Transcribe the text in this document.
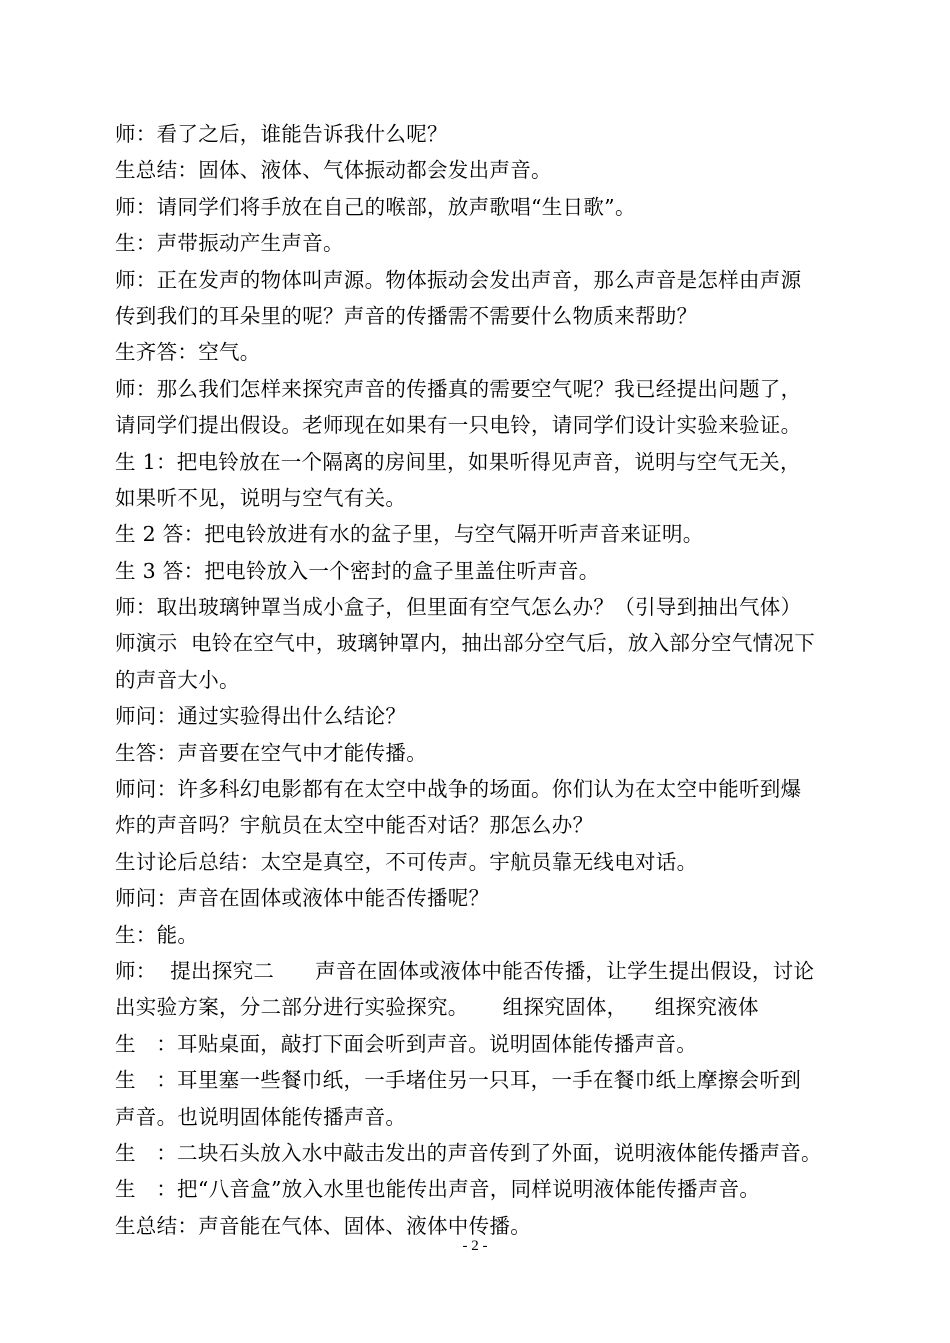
师：看了之后，谁能告诉我什么呢？
生总结：固体、液体、气体振动都会发出声音。
师：请同学们将手放在自己的喉部，放声歌唱“生日歌”。
生：声带振动产生声音。
师：正在发声的物体叫声源。物体振动会发出声音，那么声音是怎样由声源
传到我们的耳朵里的呢？声音的传播需不需要什么物质来帮助？
生齐答：空气。
师：那么我们怎样来探究声音的传播真的需要空气呢？我已经提出问题了，
请同学们提出假设。老师现在如果有一只电铃，请同学们设计实验来验证。
生 1：把电铃放在一个隔离的房间里，如果听得见声音，说明与空气无关，
如果听不见，说明与空气有关。
生 2 答：把电铃放进有水的盆子里，与空气隔开听声音来证明。
生 3 答：把电铃放入一个密封的盒子里盖住听声音。
师：取出玻璃钟罩当成小盒子，但里面有空气怎么办？（引导到抽出气体）
师演示  电铃在空气中，玻璃钟罩内，抽出部分空气后，放入部分空气情况下
的声音大小。
师问：通过实验得出什么结论？
生答：声音要在空气中才能传播。
师问：许多科幻电影都有在太空中战争的场面。你们认为在太空中能听到爆
炸的声音吗？宇航员在太空中能否对话？那怎么办？
生讨论后总结：太空是真空，不可传声。宇航员靠无线电对话。
师问：声音在固体或液体中能否传播呢？
生：能。
师：  提出探究二      声音在固体或液体中能否传播，让学生提出假设，讨论
出实验方案，分二部分进行实验探究。     组探究固体，    组探究液体
生   ：耳贴桌面，敲打下面会听到声音。说明固体能传播声音。
生   ：耳里塞一些餐巾纸，一手堵住另一只耳，一手在餐巾纸上摩擦会听到
声音。也说明固体能传播声音。
生   ：二块石头放入水中敲击发出的声音传到了外面，说明液体能传播声音。
生   ：把“八音盒”放入水里也能传出声音，同样说明液体能传播声音。
生总结：声音能在气体、固体、液体中传播。
- 2 -
